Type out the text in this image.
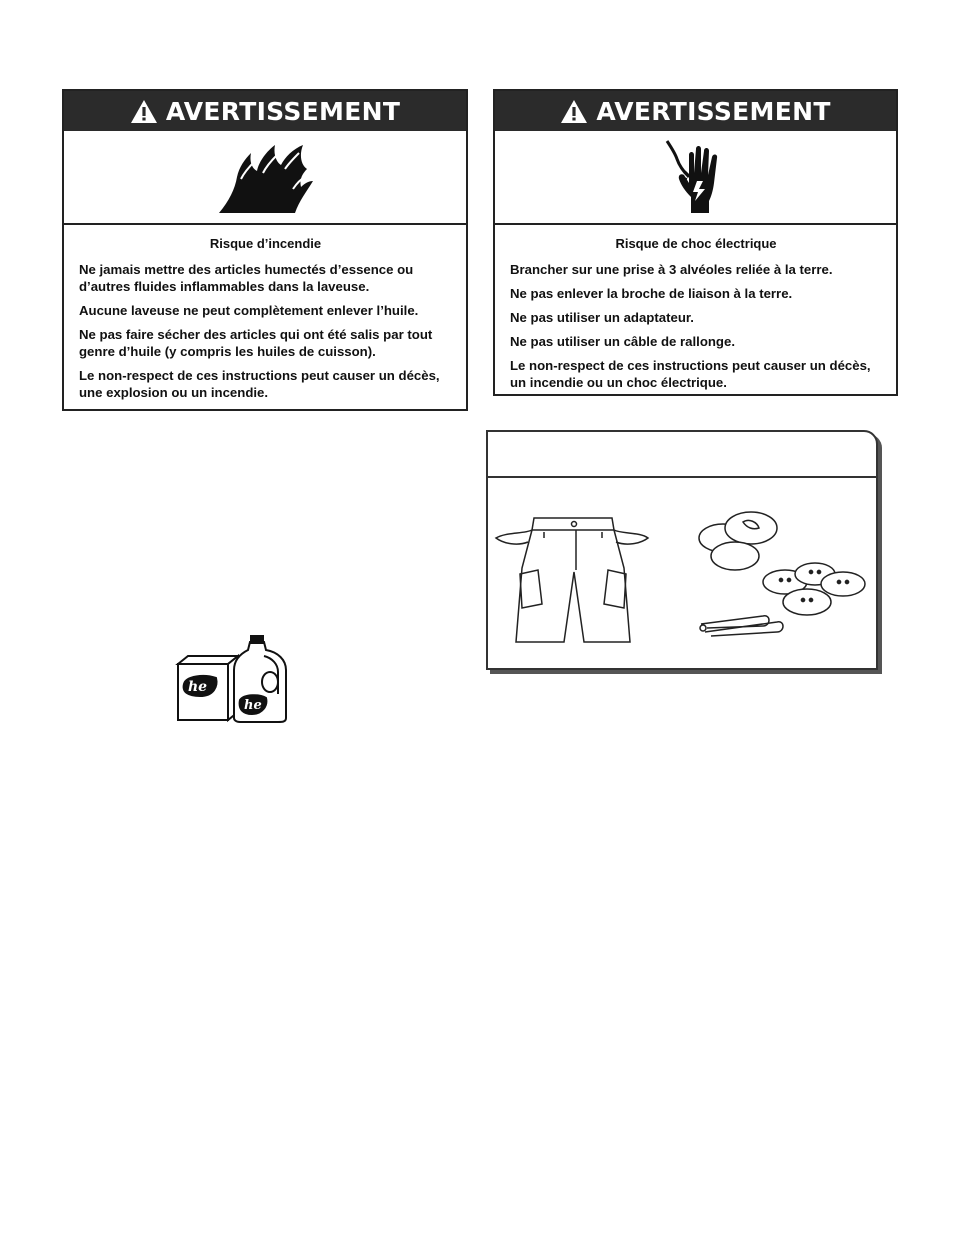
AVERTISSEMENT
Risque d’incendie

Ne jamais mettre des articles humectés d’essence ou d’autres fluides inflammables dans la laveuse.

Aucune laveuse ne peut complètement enlever l’huile.

Ne pas faire sécher des articles qui ont été salis par tout genre d’huile (y compris les huiles de cuisson).

Le non-respect de ces instructions peut causer un décès, une explosion ou un incendie.

AVERTISSEMENT
Risque de choc électrique

Brancher sur une prise à 3 alvéoles reliée à la terre.

Ne pas enlever la broche de liaison à la terre.

Ne pas utiliser un adaptateur.

Ne pas utiliser un câble de rallonge.

Le non-respect de ces instructions peut causer un décès, un incendie ou un choc électrique.

he
he
